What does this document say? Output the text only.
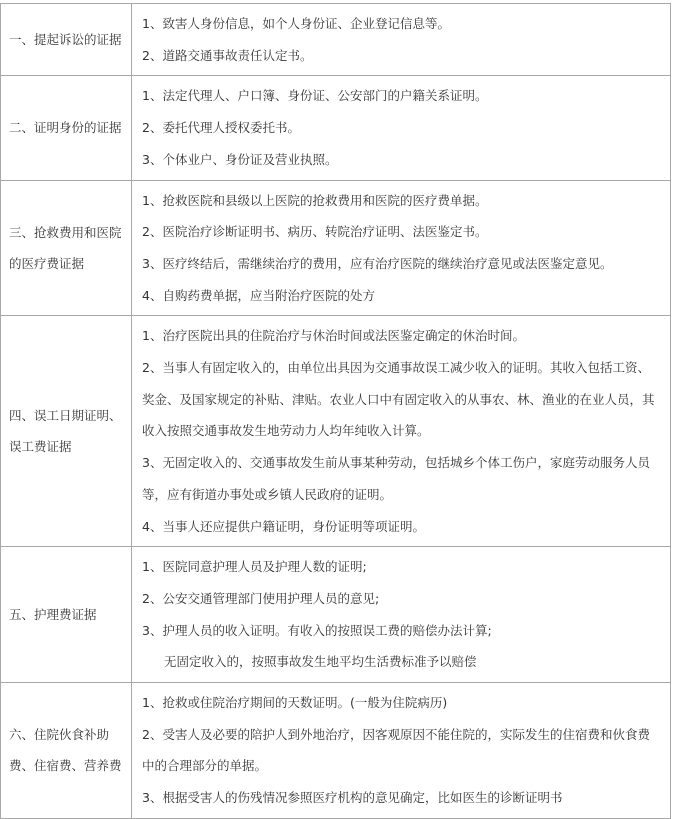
一、提起诉讼的证据	1、致害人身份信息，如个人身份证、企业登记信息等。
2、道路交通事故责任认定书。

二、证明身份的证据	1、法定代理人、户口簿、身份证、公安部门的户籍关系证明。
2、委托代理人授权委托书。
3、个体业户、身份证及营业执照。

三、抢救费用和医院的医疗费证据	1、抢救医院和县级以上医院的抢救费用和医院的医疗费单据。
2、医院治疗诊断证明书、病历、转院治疗证明、法医鉴定书。
3、医疗终结后，需继续治疗的费用，应有治疗医院的继续治疗意见或法医鉴定意见。
4、自购药费单据，应当附治疗医院的处方

四、误工日期证明、误工费证据	1、治疗医院出具的住院治疗与休治时间或法医鉴定确定的休治时间。
2、当事人有固定收入的，由单位出具因为交通事故误工减少收入的证明。其收入包括工资、奖金、及国家规定的补贴、津贴。农业人口中有固定收入的从事农、林、渔业的在业人员，其收入按照交通事故发生地劳动力人均年纯收入计算。
3、无固定收入的、交通事故发生前从事某种劳动，包括城乡个体工伤户，家庭劳动服务人员等，应有街道办事处或乡镇人民政府的证明。
4、当事人还应提供户籍证明，身份证明等项证明。

五、护理费证据	1、医院同意护理人员及护理人数的证明;
2、公安交通管理部门使用护理人员的意见;
3、护理人员的收入证明。有收入的按照误工费的赔偿办法计算;
无固定收入的，按照事故发生地平均生活费标准予以赔偿

六、住院伙食补助费、住宿费、营养费	1、抢救或住院治疗期间的天数证明。(一般为住院病历)
2、受害人及必要的陪护人到外地治疗，因客观原因不能住院的，实际发生的住宿费和伙食费中的合理部分的单据。
3、根据受害人的伤残情况参照医疗机构的意见确定，比如医生的诊断证明书
